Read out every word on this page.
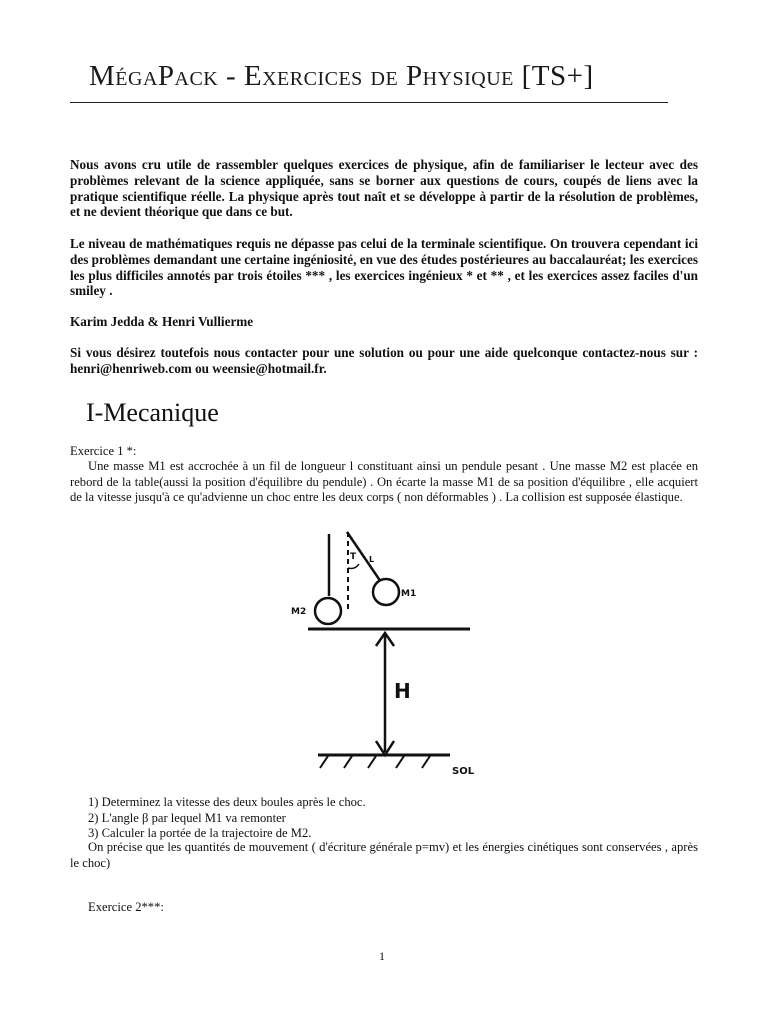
MégaPack - Exercices de Physique [TS+]

Nous avons cru utile de rassembler quelques exercices de physique, afin de familiariser le lecteur avec des problèmes relevant de la science appliquée, sans se borner aux questions de cours, coupés de liens avec la pratique scientifique réelle. La physique après tout naît et se développe à partir de la résolution de problèmes, et ne devient théorique que dans ce but.

Le niveau de mathématiques requis ne dépasse pas celui de la terminale scientifique. On trouvera cependant ici des problèmes demandant une certaine ingéniosité, en vue des études postérieures au baccalauréat; les exercices les plus difficiles annotés par trois étoiles *** , les exercices ingénieux * et ** , et les exercices assez faciles d'un smiley .

Karim Jedda & Henri Vullierme

Si vous désirez toutefois nous contacter pour une solution ou pour une aide quelconque contactez-nous sur : henri@henriweb.com ou weensie@hotmail.fr.

I-Mecanique

Exercice 1 *:

Une masse M1 est accrochée à un fil de longueur l constituant ainsi un pendule pesant . Une masse M2 est placée en rebord de la table(aussi la position d'équilibre du pendule) . On écarte la masse M1 de sa position d'équilibre , elle acquiert de la vitesse jusqu'à ce qu'advienne un choc entre les deux corps ( non déformables ) . La collision est supposée élastique.

M2
T L
M1
H
SOL
1) Determinez la vitesse des deux boules après le choc.
2) L'angle β par lequel M1 va remonter
3) Calculer la portée de la trajectoire de M2.

On précise que les quantités de mouvement ( d'écriture générale p=mv) et les énergies cinétiques sont conservées , après le choc)

Exercice 2***:
1
